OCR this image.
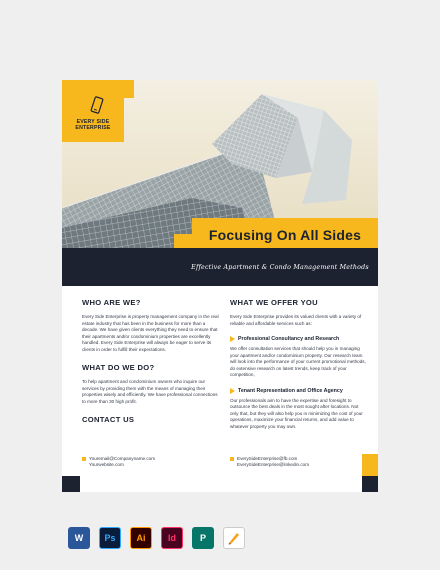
EVERY SIDE
ENTERPRISE
Focusing On All Sides
Effective Apartment & Condo Management Methods
WHO ARE WE?
Every Side Enterprise is property management company in the real estate industry that has been in the business for more than a decade. We have given clients everything they need to ensure that their apartments and/or condominium properties are excellently handled. Every Side Enterprise will always be eager to serve its clients in order to fulfill their expectations.
WHAT DO WE DO?
To help apartment and condominium owners who inquire our services by providing them with the means of managing their properties wisely and efficiently. We have professional connections to more than 30 high profit.
CONTACT US
WHAT WE OFFER YOU
Every Side Enterprise provides its valued clients with a variety of reliable and affordable services such as:
Professional Consultancy and Research
We offer consultation services that should help you in managing your apartment and/or condominium property. Our research team will look into the performance of your current promotional methods, do extensive research on latest trends, keep track of your competition,
Tenant Representation and Office Agency
Our professionals aim to have the expertise and foresight to outsource the best deals in the most sought after locations. Not only that, but they will also help you in minimizing the cost of your operations, maximize your financial returns, and add value to whatever property you may own.
Youremail@Companyname.com
Yourwebsite.com
EverySideEnterprise@fb.com
EverySideEnterprise@linkedin.com
W Ps Ai	Id	P
